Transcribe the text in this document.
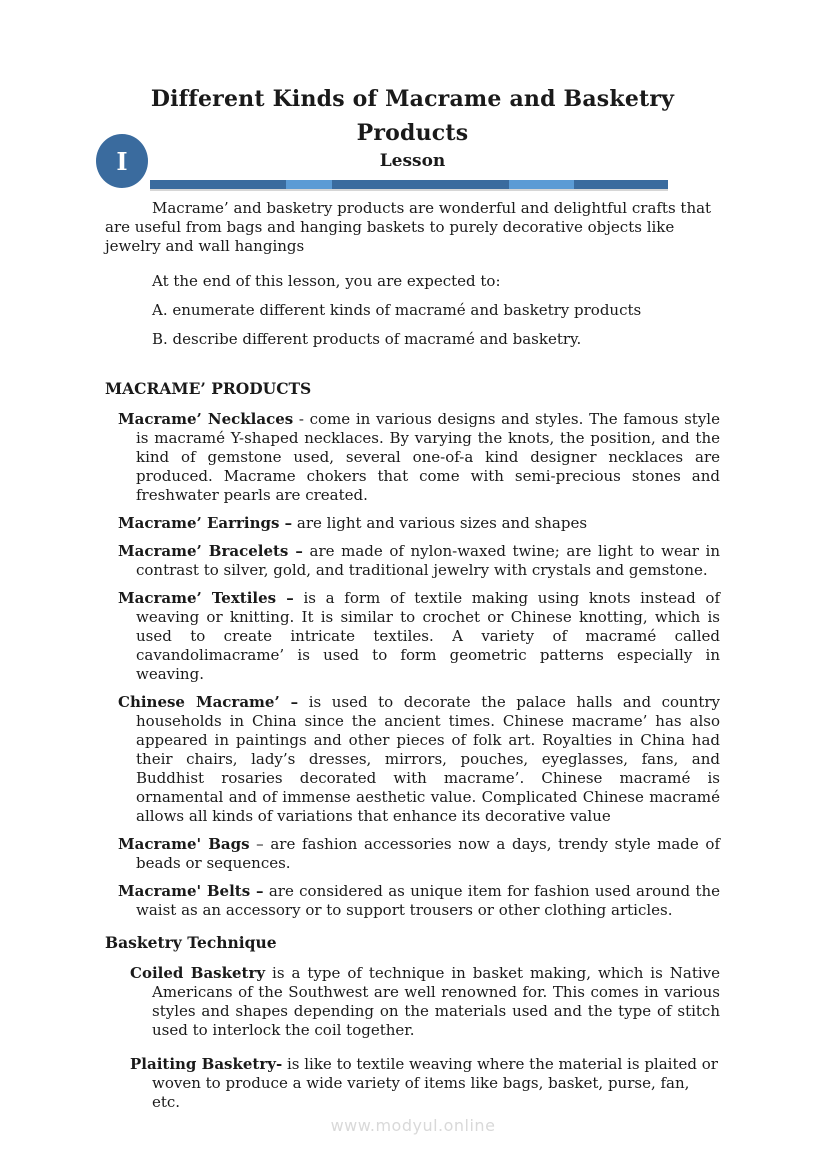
I
Different Kinds of Macrame and Basketry
Products
Lesson

Macrame’ and basketry products are wonderful and delightful crafts that are useful from bags and hanging baskets to purely decorative objects like jewelry and wall hangings

At the end of this lesson, you are expected to:

A. enumerate different kinds of macramé and basketry products

B. describe different products of macramé and basketry.

MACRAME’ PRODUCTS

Macrame’ Necklaces - come in various designs and styles. The famous style is macramé Y-shaped necklaces. By varying the knots, the position, and the kind of gemstone used, several one-of-a kind designer necklaces are produced. Macrame chokers that come with semi-precious stones and freshwater pearls are created.

Macrame’ Earrings – are light and various sizes and shapes

Macrame’ Bracelets – are made of nylon-waxed twine; are light to wear in contrast to silver, gold, and traditional jewelry with crystals and gemstone.

Macrame’ Textiles – is a form of textile making using knots instead of weaving or knitting. It is similar to crochet or Chinese knotting, which is used to create intricate textiles. A variety of macramé called cavandolimacrame’ is used to form geometric patterns especially in weaving.

Chinese Macrame’ – is used to decorate the palace halls and country households in China since the ancient times. Chinese macrame’ has also appeared in paintings and other pieces of folk art. Royalties in China had their chairs, lady’s dresses, mirrors, pouches, eyeglasses, fans, and Buddhist rosaries decorated with macrame’. Chinese macramé is ornamental and of immense aesthetic value. Complicated Chinese macramé allows all kinds of variations that enhance its decorative value

Macrame' Bags – are fashion accessories now a days, trendy style made of beads or sequences.

Macrame' Belts – are considered as unique item for fashion used around the waist as an accessory or to support trousers or other clothing articles.

Basketry Technique

Coiled Basketry is a type of technique in basket making, which is Native Americans of the Southwest are well renowned for. This comes in various styles and shapes depending on the materials used and the type of stitch used to interlock the coil together.

Plaiting Basketry- is like to textile weaving where the material is plaited or woven to produce a wide variety of items like bags, basket, purse, fan, etc.

www.modyul.online
